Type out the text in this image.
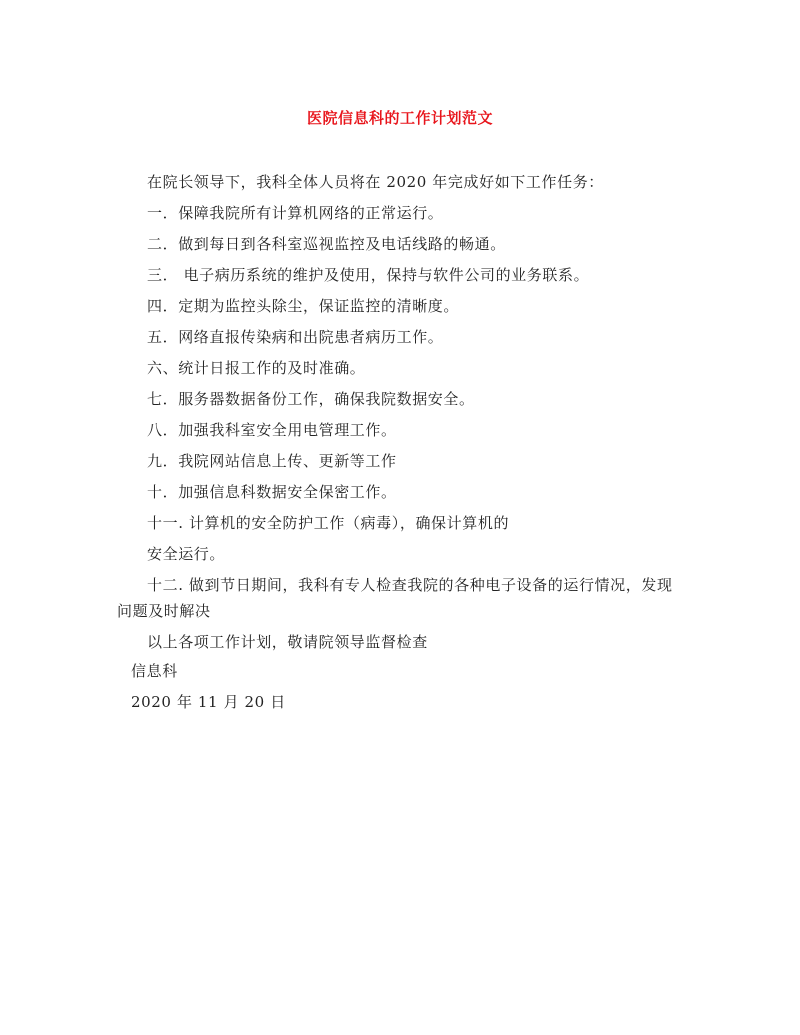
医院信息科的工作计划范文
在院长领导下，我科全体人员将在 2020 年完成好如下工作任务：
一．保障我院所有计算机网络的正常运行。
二．做到每日到各科室巡视监控及电话线路的畅通。
三． 电子病历系统的维护及使用，保持与软件公司的业务联系。
四．定期为监控头除尘，保证监控的清晰度。
五．网络直报传染病和出院患者病历工作。
六、统计日报工作的及时准确。
七．服务器数据备份工作，确保我院数据安全。
八．加强我科室安全用电管理工作。
九．我院网站信息上传、更新等工作
十．加强信息科数据安全保密工作。
十一. 计算机的安全防护工作（病毒），确保计算机的
安全运行。
十二. 做到节日期间，我科有专人检查我院的各种电子设备的运行情况，发现
问题及时解决
以上各项工作计划，敬请院领导监督检查
信息科
2020 年 11 月 20 日
